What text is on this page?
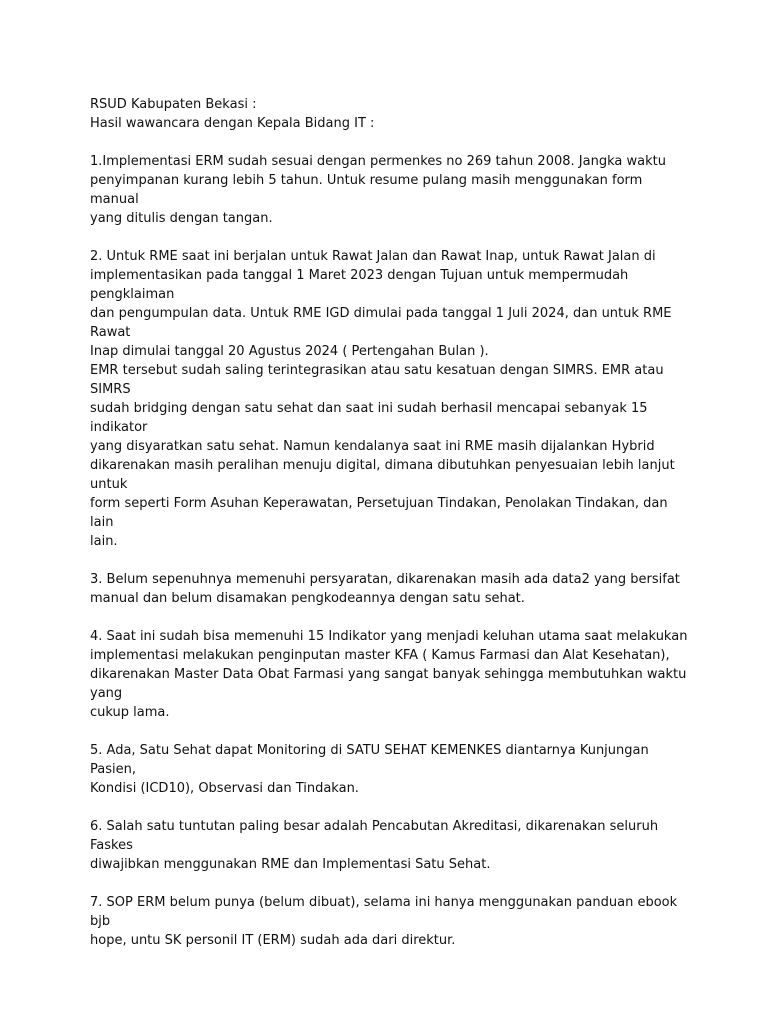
RSUD Kabupaten Bekasi :

Hasil wawancara dengan Kepala Bidang IT :

1.Implementasi ERM sudah sesuai dengan permenkes no 269 tahun 2008. Jangka waktu
penyimpanan kurang lebih 5 tahun. Untuk resume pulang masih menggunakan form manual
yang ditulis dengan tangan.

2. Untuk RME saat ini berjalan untuk Rawat Jalan dan Rawat Inap, untuk Rawat Jalan di
implementasikan pada tanggal 1 Maret 2023 dengan Tujuan untuk mempermudah pengklaiman
dan pengumpulan data. Untuk RME IGD dimulai pada tanggal 1 Juli 2024, dan untuk RME Rawat
Inap dimulai tanggal 20 Agustus 2024 ( Pertengahan Bulan ).
EMR tersebut sudah saling terintegrasikan atau satu kesatuan dengan SIMRS. EMR atau SIMRS
sudah bridging dengan satu sehat dan saat ini sudah berhasil mencapai sebanyak 15 indikator
yang disyaratkan satu sehat. Namun kendalanya saat ini RME masih dijalankan Hybrid
dikarenakan masih peralihan menuju digital, dimana dibutuhkan penyesuaian lebih lanjut untuk
form seperti Form Asuhan Keperawatan, Persetujuan Tindakan, Penolakan Tindakan, dan lain
lain.

3. Belum sepenuhnya memenuhi persyaratan, dikarenakan masih ada data2 yang bersifat
manual dan belum disamakan pengkodeannya dengan satu sehat.

4. Saat ini sudah bisa memenuhi 15 Indikator yang menjadi keluhan utama saat melakukan
implementasi melakukan penginputan master KFA ( Kamus Farmasi dan Alat Kesehatan),
dikarenakan Master Data Obat Farmasi yang sangat banyak sehingga membutuhkan waktu yang
cukup lama.

5. Ada, Satu Sehat dapat Monitoring di SATU SEHAT KEMENKES diantarnya Kunjungan Pasien,
Kondisi (ICD10), Observasi dan Tindakan.

6. Salah satu tuntutan paling besar adalah Pencabutan Akreditasi, dikarenakan seluruh Faskes
diwajibkan menggunakan RME dan Implementasi Satu Sehat.

7. SOP ERM belum punya (belum dibuat), selama ini hanya menggunakan panduan ebook bjb
hope, untu SK personil IT (ERM) sudah ada dari direktur.
